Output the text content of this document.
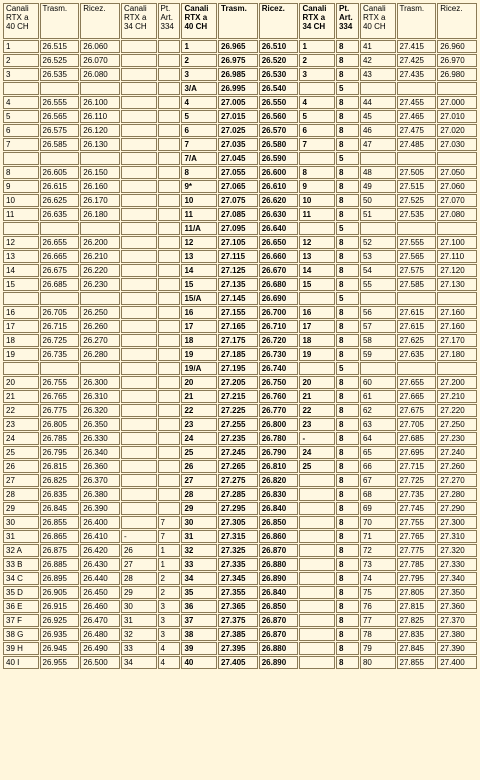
Canali RTX a 40 CH	Trasm.	Ricez.	Canali RTX a 34 CH	Pt. Art. 334	Canali RTX a 40 CH	Trasm.	Ricez.	Canali RTX a 34 CH	Pt. Art. 334	Canali RTX a 40 CH	Trasm.	Ricez.
1	26.515	26.060			1	26.965	26.510	1	8	41	27.415	26.960
2	26.525	26.070			2	26.975	26.520	2	8	42	27.425	26.970
3	26.535	26.080			3	26.985	26.530	3	8	43	27.435	26.980
					3/A	26.995	26.540		5			
4	26.555	26.100			4	27.005	26.550	4	8	44	27.455	27.000
5	26.565	26.110			5	27.015	26.560	5	8	45	27.465	27.010
6	26.575	26.120			6	27.025	26.570	6	8	46	27.475	27.020
7	26.585	26.130			7	27.035	26.580	7	8	47	27.485	27.030
					7/A	27.045	26.590		5			
8	26.605	26.150			8	27.055	26.600	8	8	48	27.505	27.050
9	26.615	26.160			9*	27.065	26.610	9	8	49	27.515	27.060
10	26.625	26.170			10	27.075	26.620	10	8	50	27.525	27.070
11	26.635	26.180			11	27.085	26.630	11	8	51	27.535	27.080
					11/A	27.095	26.640		5			
12	26.655	26.200			12	27.105	26.650	12	8	52	27.555	27.100
13	26.665	26.210			13	27.115	26.660	13	8	53	27.565	27.110
14	26.675	26.220			14	27.125	26.670	14	8	54	27.575	27.120
15	26.685	26.230			15	27.135	26.680	15	8	55	27.585	27.130
					15/A	27.145	26.690		5			
16	26.705	26.250			16	27.155	26.700	16	8	56	27.615	27.160
17	26.715	26.260			17	27.165	26.710	17	8	57	27.615	27.160
18	26.725	26.270			18	27.175	26.720	18	8	58	27.625	27.170
19	26.735	26.280			19	27.185	26.730	19	8	59	27.635	27.180
					19/A	27.195	26.740		5			
20	26.755	26.300			20	27.205	26.750	20	8	60	27.655	27.200
21	26.765	26.310			21	27.215	26.760	21	8	61	27.665	27.210
22	26.775	26.320			22	27.225	26.770	22	8	62	27.675	27.220
23	26.805	26.350			23	27.255	26.800	23	8	63	27.705	27.250
24	26.785	26.330			24	27.235	26.780	-	8	64	27.685	27.230
25	26.795	26.340			25	27.245	26.790	24	8	65	27.695	27.240
26	26.815	26.360			26	27.265	26.810	25	8	66	27.715	27.260
27	26.825	26.370			27	27.275	26.820		8	67	27.725	27.270
28	26.835	26.380			28	27.285	26.830		8	68	27.735	27.280
29	26.845	26.390			29	27.295	26.840		8	69	27.745	27.290
30	26.855	26.400		7	30	27.305	26.850		8	70	27.755	27.300
31	26.865	26.410	-	7	31	27.315	26.860		8	71	27.765	27.310
32 A	26.875	26.420	26	1	32	27.325	26.870		8	72	27.775	27.320
33 B	26.885	26.430	27	1	33	27.335	26.880		8	73	27.785	27.330
34 C	26.895	26.440	28	2	34	27.345	26.890		8	74	27.795	27.340
35 D	26.905	26.450	29	2	35	27.355	26.840		8	75	27.805	27.350
36 E	26.915	26.460	30	3	36	27.365	26.850		8	76	27.815	27.360
37 F	26.925	26.470	31	3	37	27.375	26.870		8	77	27.825	27.370
38 G	26.935	26.480	32	3	38	27.385	26.870		8	78	27.835	27.380
39 H	26.945	26.490	33	4	39	27.395	26.880		8	79	27.845	27.390
40 I	26.955	26.500	34	4	40	27.405	26.890		8	80	27.855	27.400
